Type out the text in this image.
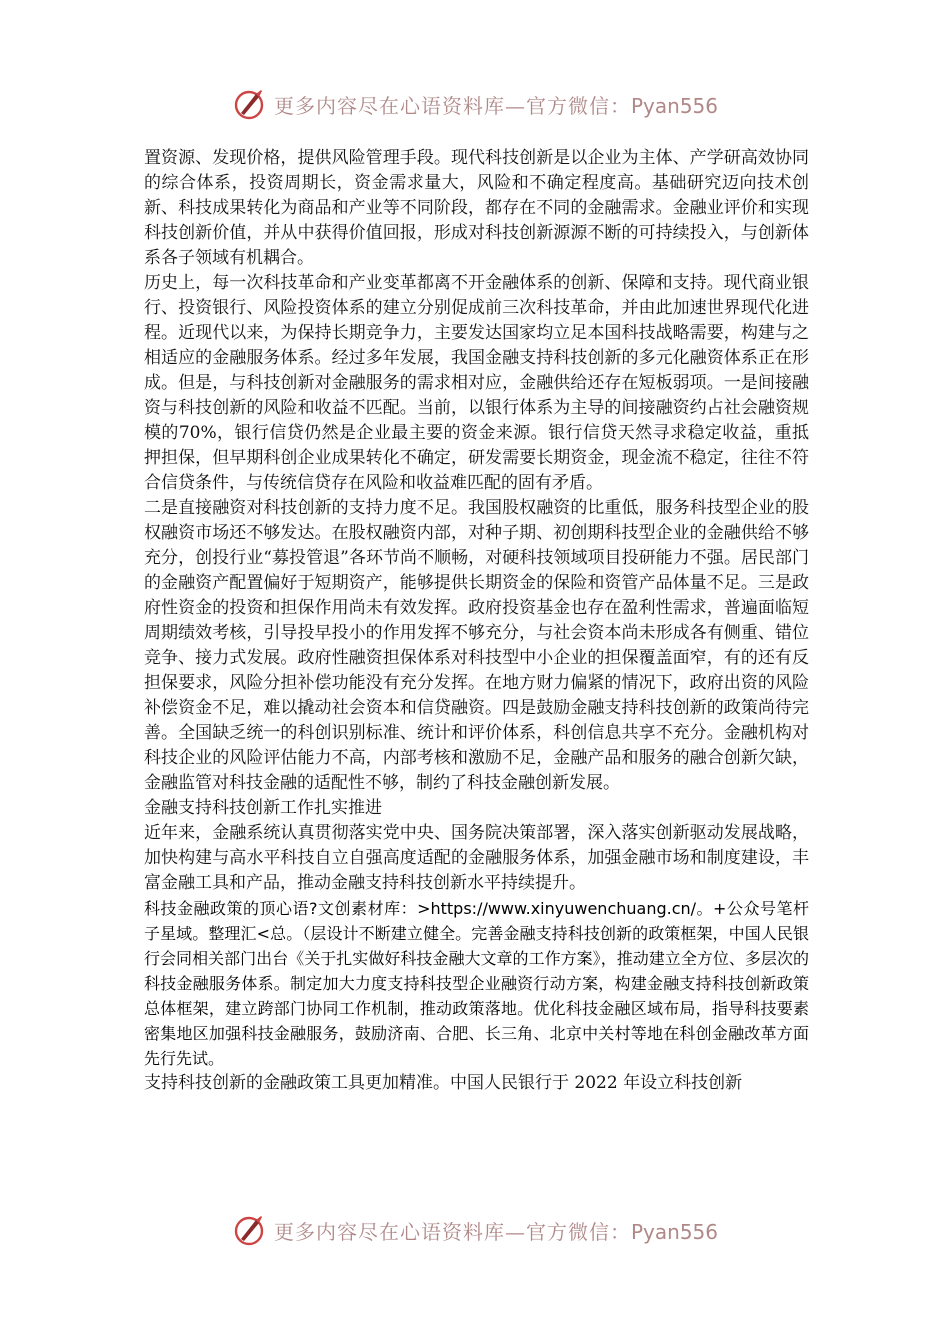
更多内容尽在心语资料库—官方微信：Pyan556

置资源、发现价格，提供风险管理手段。现代科技创新是以企业为主体、产学研高效协同的综合体系，投资周期长，资金需求量大，风险和不确定程度高。基础研究迈向技术创新、科技成果转化为商品和产业等不同阶段，都存在不同的金融需求。金融业评价和实现科技创新价值，并从中获得价值回报，形成对科技创新源源不断的可持续投入，与创新体系各子领域有机耦合。

历史上，每一次科技革命和产业变革都离不开金融体系的创新、保障和支持。现代商业银行、投资银行、风险投资体系的建立分别促成前三次科技革命，并由此加速世界现代化进程。近现代以来，为保持长期竞争力，主要发达国家均立足本国科技战略需要，构建与之相适应的金融服务体系。经过多年发展，我国金融支持科技创新的多元化融资体系正在形成。但是，与科技创新对金融服务的需求相对应，金融供给还存在短板弱项。一是间接融资与科技创新的风险和收益不匹配。当前，以银行体系为主导的间接融资约占社会融资规模的70%，银行信贷仍然是企业最主要的资金来源。银行信贷天然寻求稳定收益，重抵押担保，但早期科创企业成果转化不确定，研发需要长期资金，现金流不稳定，往往不符合信贷条件，与传统信贷存在风险和收益难匹配的固有矛盾。

二是直接融资对科技创新的支持力度不足。我国股权融资的比重低，服务科技型企业的股权融资市场还不够发达。在股权融资内部，对种子期、初创期科技型企业的金融供给不够充分，创投行业“募投管退”各环节尚不顺畅，对硬科技领域项目投研能力不强。居民部门的金融资产配置偏好于短期资产，能够提供长期资金的保险和资管产品体量不足。三是政府性资金的投资和担保作用尚未有效发挥。政府投资基金也存在盈利性需求，普遍面临短周期绩效考核，引导投早投小的作用发挥不够充分，与社会资本尚未形成各有侧重、错位竞争、接力式发展。政府性融资担保体系对科技型中小企业的担保覆盖面窄，有的还有反担保要求，风险分担补偿功能没有充分发挥。在地方财力偏紧的情况下，政府出资的风险补偿资金不足，难以撬动社会资本和信贷融资。四是鼓励金融支持科技创新的政策尚待完善。全国缺乏统一的科创识别标准、统计和评价体系，科创信息共享不充分。金融机构对科技企业的风险评估能力不高，内部考核和激励不足，金融产品和服务的融合创新欠缺，金融监管对科技金融的适配性不够，制约了科技金融创新发展。

金融支持科技创新工作扎实推进

近年来，金融系统认真贯彻落实党中央、国务院决策部署，深入落实创新驱动发展战略，加快构建与高水平科技自立自强高度适配的金融服务体系，加强金融市场和制度建设，丰富金融工具和产品，推动金融支持科技创新水平持续提升。

科技金融政策的顶心语?文创素材库：>https://www.xinyuwenchuang.cn/。+公众号笔杆子星域。整理汇<总。（层设计不断建立健全。完善金融支持科技创新的政策框架，中国人民银行会同相关部门出台《关于扎实做好科技金融大文章的工作方案》，推动建立全方位、多层次的科技金融服务体系。制定加大力度支持科技型企业融资行动方案，构建金融支持科技创新政策总体框架，建立跨部门协同工作机制，推动政策落地。优化科技金融区域布局，指导科技要素密集地区加强科技金融服务，鼓励济南、合肥、长三角、北京中关村等地在科创金融改革方面先行先试。

支持科技创新的金融政策工具更加精准。中国人民银行于 2022 年设立科技创新

更多内容尽在心语资料库—官方微信：Pyan556
